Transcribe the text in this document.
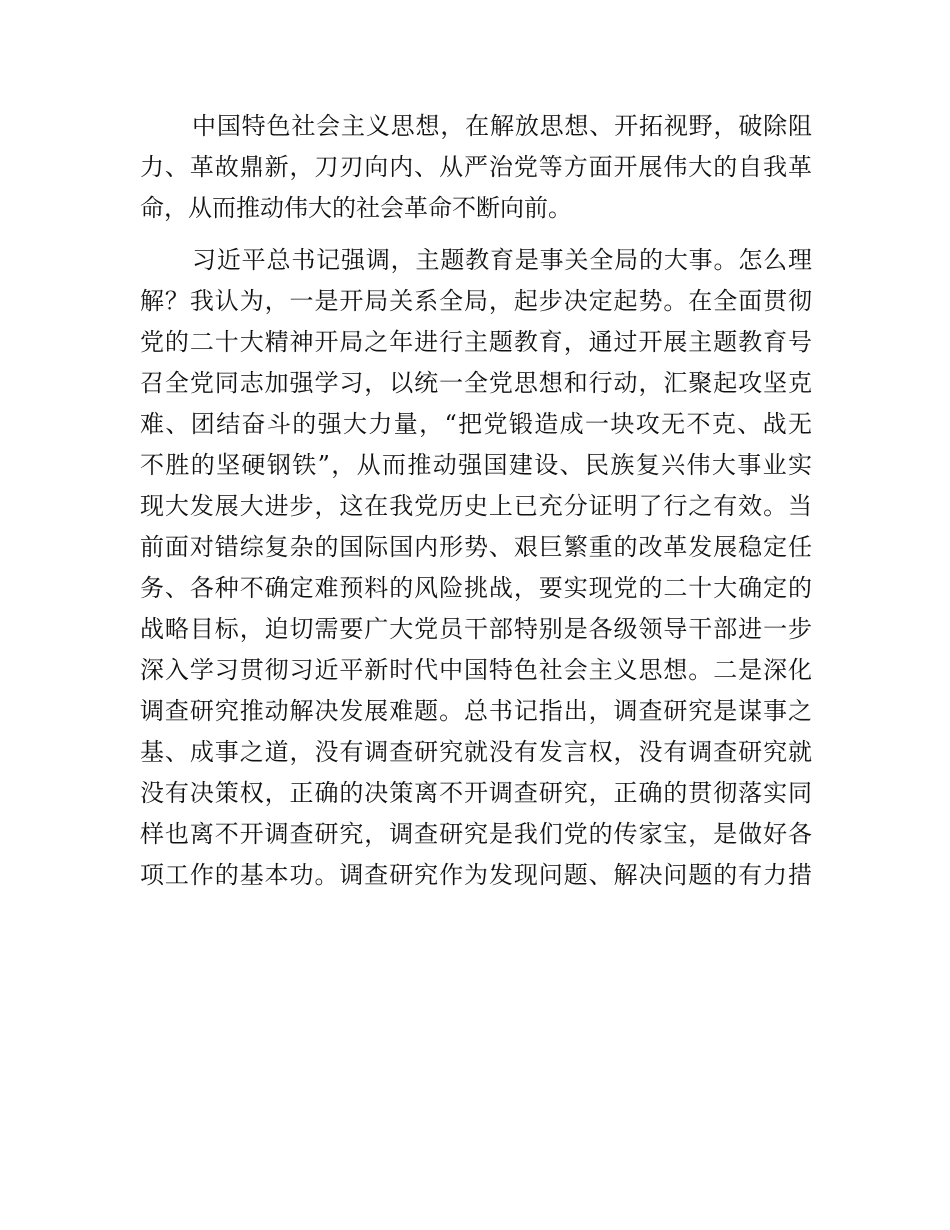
中国特色社会主义思想，在解放思想、开拓视野，破除阻
力、革故鼎新，刀刃向内、从严治党等方面开展伟大的自我革
命，从而推动伟大的社会革命不断向前。
习近平总书记强调，主题教育是事关全局的大事。怎么理
解？我认为，一是开局关系全局，起步决定起势。在全面贯彻
党的二十大精神开局之年进行主题教育，通过开展主题教育号
召全党同志加强学习，以统一全党思想和行动，汇聚起攻坚克
难、团结奋斗的强大力量，“把党锻造成一块攻无不克、战无
不胜的坚硬钢铁”，从而推动强国建设、民族复兴伟大事业实
现大发展大进步，这在我党历史上已充分证明了行之有效。当
前面对错综复杂的国际国内形势、艰巨繁重的改革发展稳定任
务、各种不确定难预料的风险挑战，要实现党的二十大确定的
战略目标，迫切需要广大党员干部特别是各级领导干部进一步
深入学习贯彻习近平新时代中国特色社会主义思想。二是深化
调查研究推动解决发展难题。总书记指出，调查研究是谋事之
基、成事之道，没有调查研究就没有发言权，没有调查研究就
没有决策权，正确的决策离不开调查研究，正确的贯彻落实同
样也离不开调查研究，调查研究是我们党的传家宝，是做好各
项工作的基本功。调查研究作为发现问题、解决问题的有力措
